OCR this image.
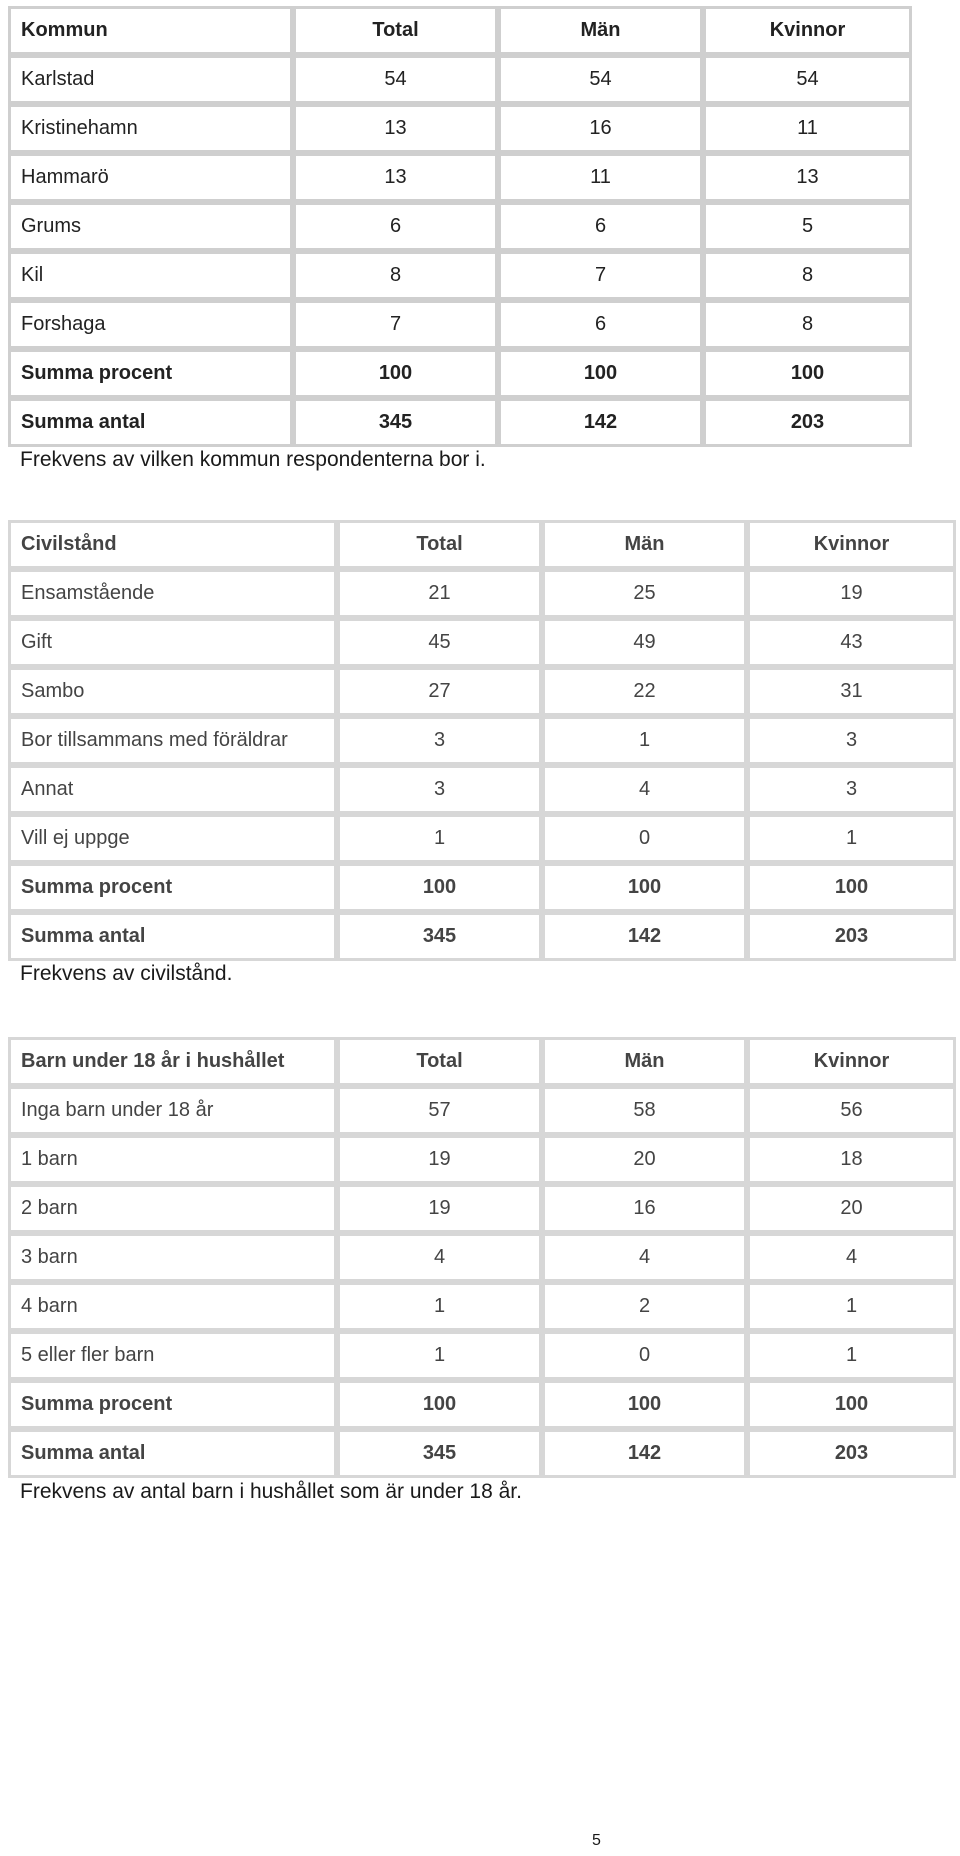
Kommun	Total	Män	Kvinnor
Karlstad	54	54	54
Kristinehamn	13	16	11
Hammarö	13	11	13
Grums	6	6	5
Kil	8	7	8
Forshaga	7	6	8
Summa procent	100	100	100
Summa antal	345	142	203

Frekvens av vilken kommun respondenterna bor i.

Civilstånd	Total	Män	Kvinnor
Ensamstående	21	25	19
Gift	45	49	43
Sambo	27	22	31
Bor tillsammans med föräldrar	3	1	3
Annat	3	4	3
Vill ej uppge	1	0	1
Summa procent	100	100	100
Summa antal	345	142	203

Frekvens av civilstånd.

Barn under 18 år i hushållet	Total	Män	Kvinnor
Inga barn under 18 år	57	58	56
1 barn	19	20	18
2 barn	19	16	20
3 barn	4	4	4
4 barn	1	2	1
5 eller fler barn	1	0	1
Summa procent	100	100	100
Summa antal	345	142	203

Frekvens av antal barn i hushållet som är under 18 år.

5
